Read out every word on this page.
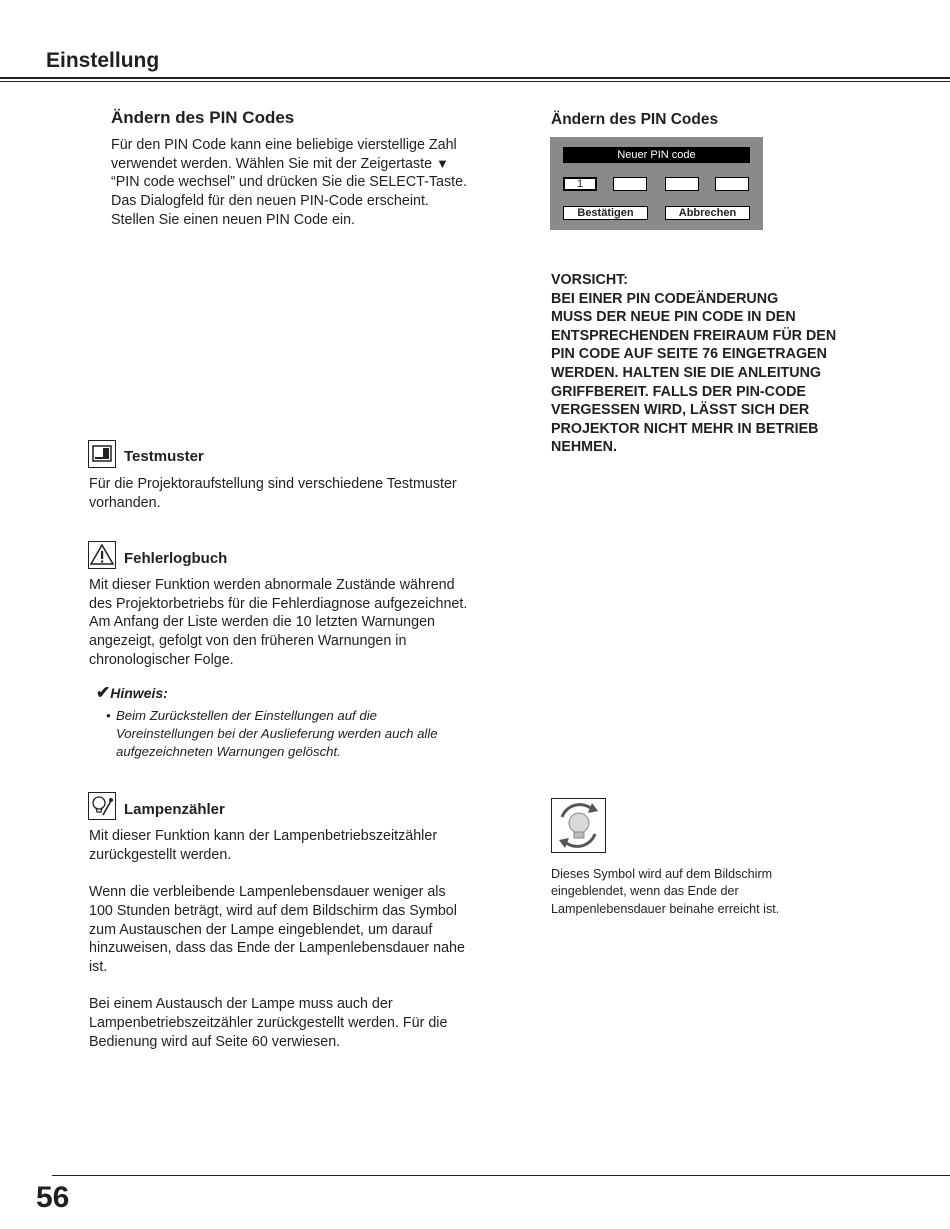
Einstellung
Ändern des PIN Codes
Für den PIN Code kann eine beliebige vierstellige Zahl
verwendet werden. Wählen Sie mit der Zeigertaste ▼
“PIN code wechsel” und drücken Sie die SELECT-Taste.
Das Dialogfeld für den neuen PIN-Code erscheint.
Stellen Sie einen neuen PIN Code ein.
Ändern des PIN Codes
Neuer PIN code
1
Bestätigen	Abbrechen
VORSICHT:
BEI EINER PIN CODEÄNDERUNG
MUSS DER NEUE PIN CODE IN DEN
ENTSPRECHENDEN FREIRAUM FÜR DEN
PIN CODE AUF SEITE 76 EINGETRAGEN
WERDEN. HALTEN SIE DIE ANLEITUNG
GRIFFBEREIT. FALLS DER PIN-CODE
VERGESSEN WIRD, LÄSST SICH DER
PROJEKTOR NICHT MEHR IN BETRIEB
NEHMEN.
Testmuster
Für die Projektoraufstellung sind verschiedene Testmuster
vorhanden.
Fehlerlogbuch
Mit dieser Funktion werden abnormale Zustände während
des Projektorbetriebs für die Fehlerdiagnose aufgezeichnet.
Am Anfang der Liste werden die 10 letzten Warnungen
angezeigt, gefolgt von den früheren Warnungen in
chronologischer Folge.
✔Hinweis:
• Beim Zurückstellen der Einstellungen auf die
Voreinstellungen bei der Auslieferung werden auch alle
aufgezeichneten Warnungen gelöscht.
Lampenzähler
Mit dieser Funktion kann der Lampenbetriebszeitzähler
zurückgestellt werden.
Wenn die verbleibende Lampenlebensdauer weniger als
100 Stunden beträgt, wird auf dem Bildschirm das Symbol
zum Austauschen der Lampe eingeblendet, um darauf
hinzuweisen, dass das Ende der Lampenlebensdauer nahe
ist.
Bei einem Austausch der Lampe muss auch der
Lampenbetriebszeitzähler zurückgestellt werden. Für die
Bedienung wird auf Seite 60 verwiesen.
Dieses Symbol wird auf dem Bildschirm
eingeblendet, wenn das Ende der
Lampenlebensdauer beinahe erreicht ist.
56
